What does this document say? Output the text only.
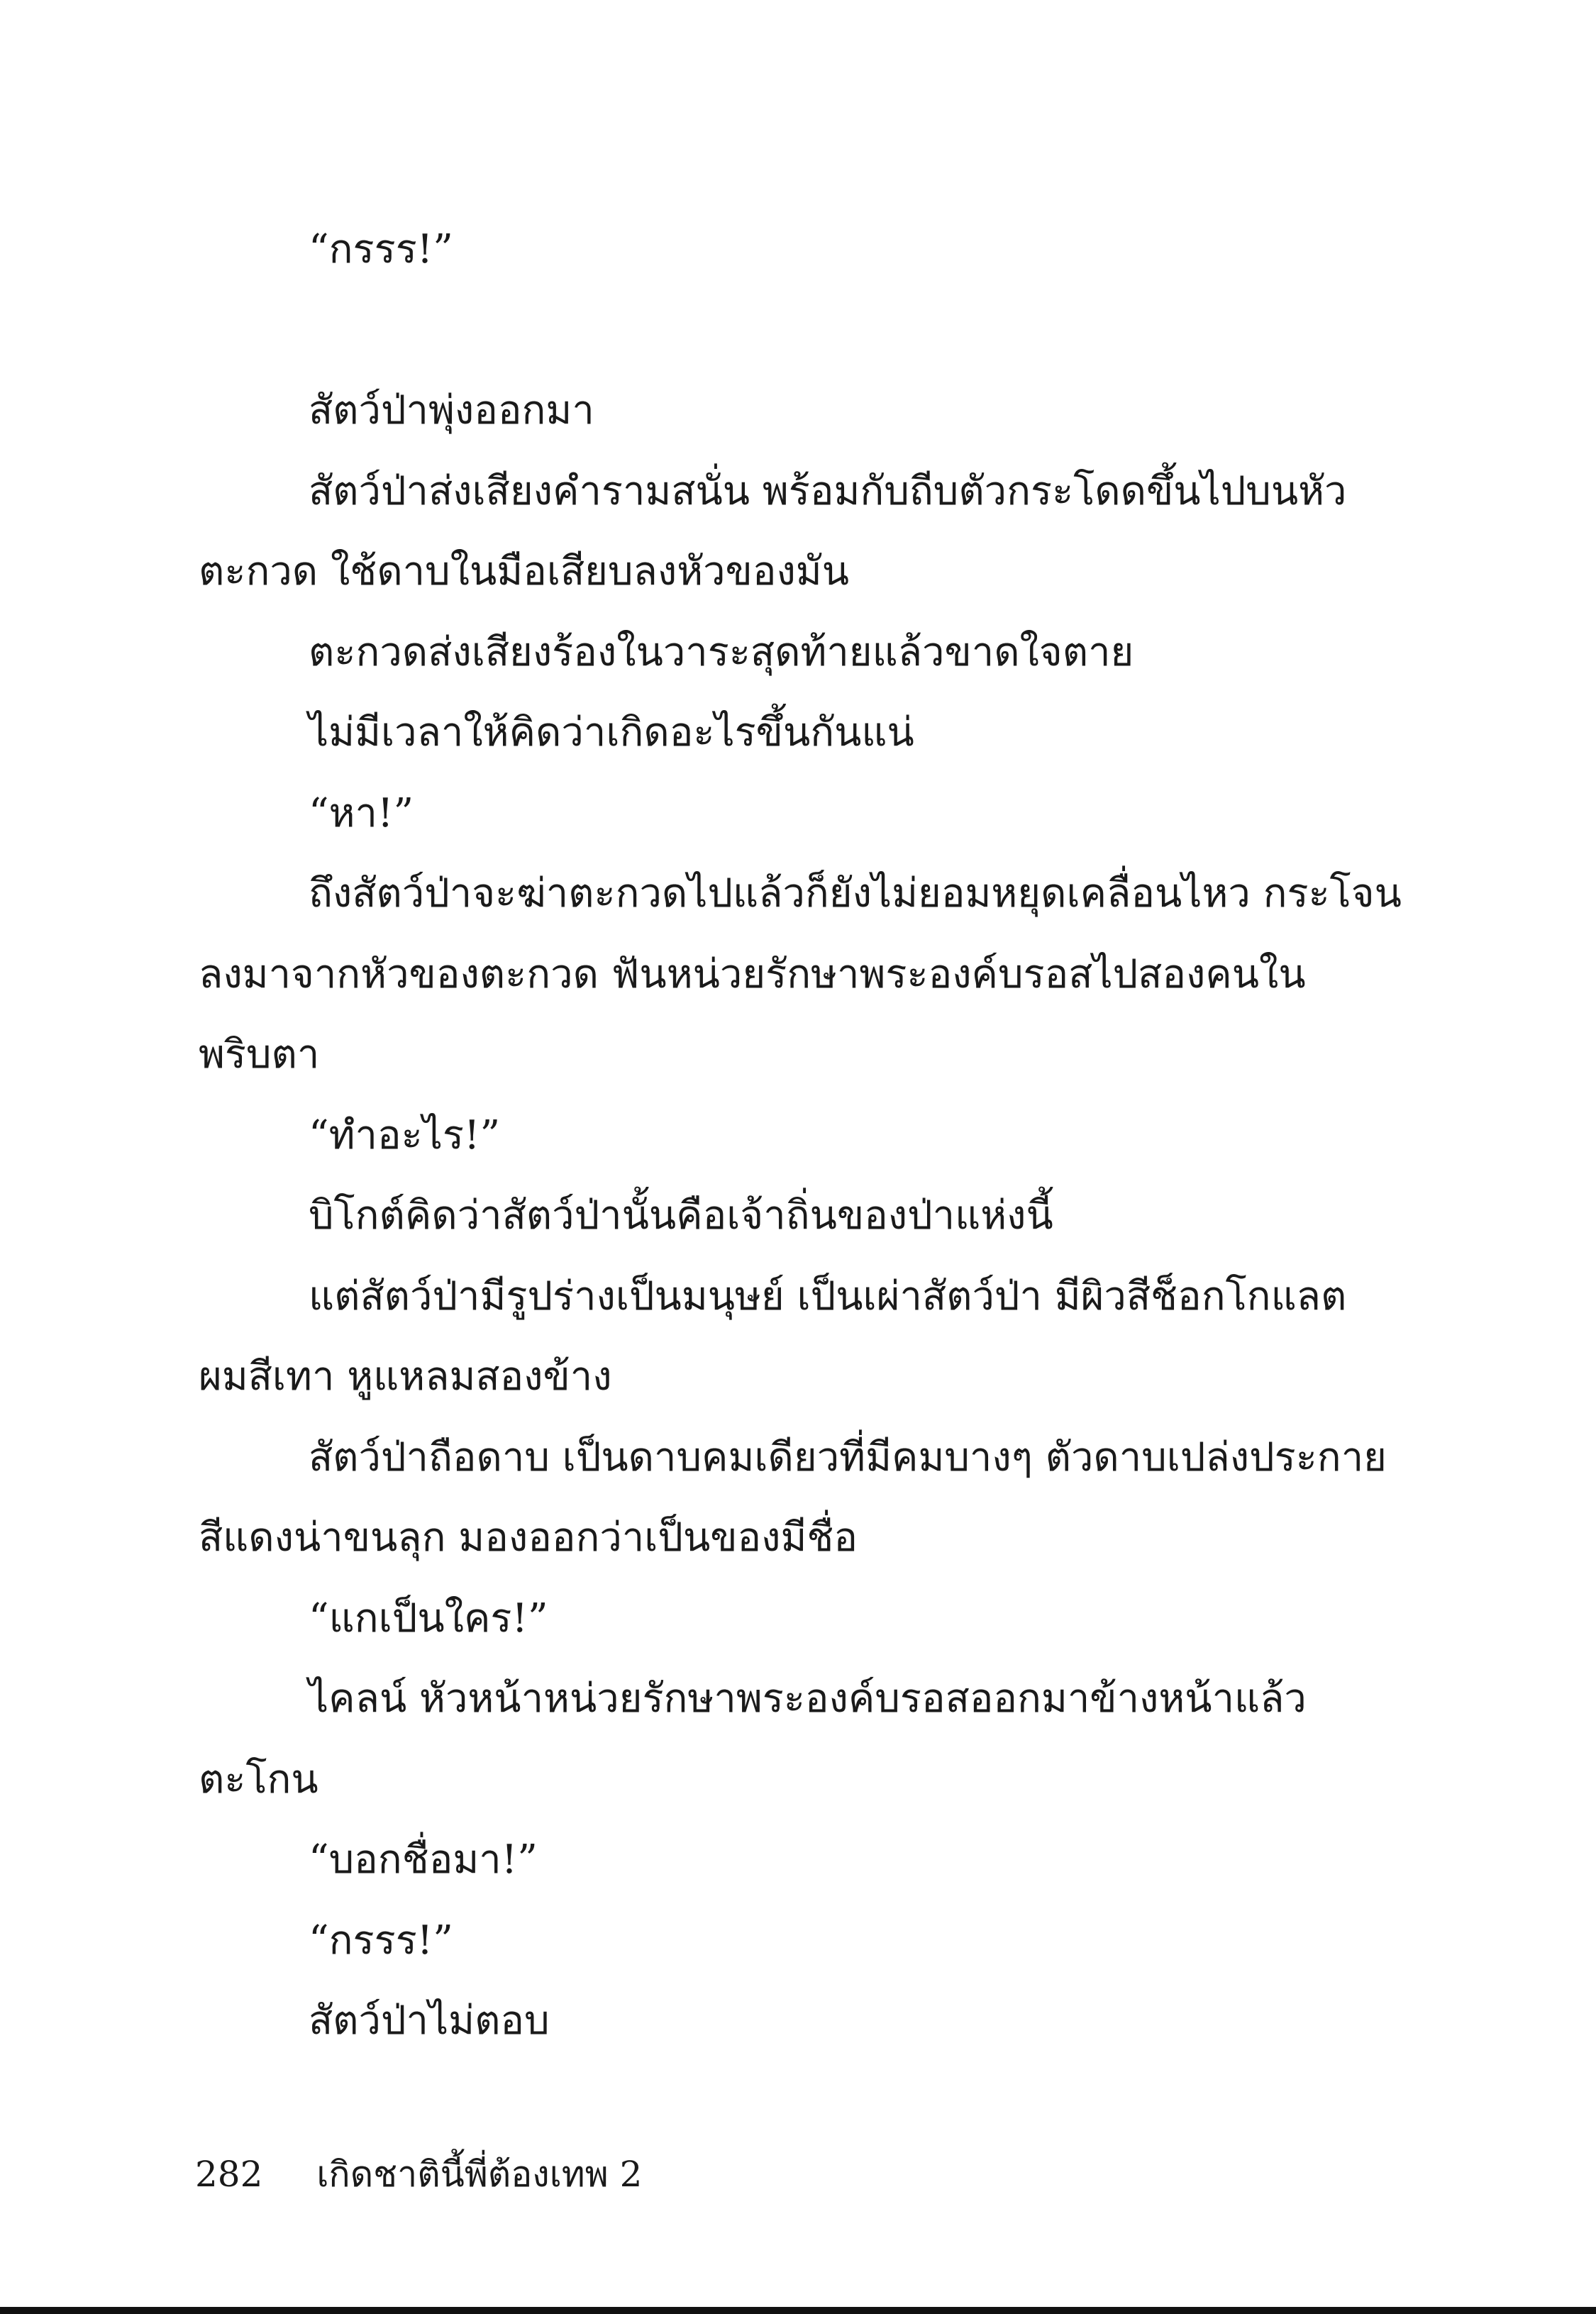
“กรรร!”
สัตว์ป่าพุ่งออกมา
สัตว์ป่าส่งเสียงคำรามสนั่น พร้อมกับถีบตัวกระโดดขึ้นไปบนหัว
ตะกวด ใช้ดาบในมือเสียบลงหัวของมัน
ตะกวดส่งเสียงร้องในวาระสุดท้ายแล้วขาดใจตาย
ไม่มีเวลาให้คิดว่าเกิดอะไรขึ้นกันแน่
“หา!”
ถึงสัตว์ป่าจะฆ่าตะกวดไปแล้วก็ยังไม่ยอมหยุดเคลื่อนไหว กระโจน
ลงมาจากหัวของตะกวด ฟันหน่วยรักษาพระองค์บรอสไปสองคนใน
พริบตา
“ทำอะไร!”
บิโกต์คิดว่าสัตว์ป่านั้นคือเจ้าถิ่นของป่าแห่งนี้
แต่สัตว์ป่ามีรูปร่างเป็นมนุษย์ เป็นเผ่าสัตว์ป่า มีผิวสีช็อกโกแลต
ผมสีเทา หูแหลมสองข้าง
สัตว์ป่าถือดาบ เป็นดาบคมเดียวที่มีคมบางๆ ตัวดาบเปล่งประกาย
สีแดงน่าขนลุก มองออกว่าเป็นของมีชื่อ
“แกเป็นใคร!”
ไคลน์ หัวหน้าหน่วยรักษาพระองค์บรอสออกมาข้างหน้าแล้ว
ตะโกน
“บอกชื่อมา!”
“กรรร!”
สัตว์ป่าไม่ตอบ
282 เกิดชาตินี้พี่ต้องเทพ 2
